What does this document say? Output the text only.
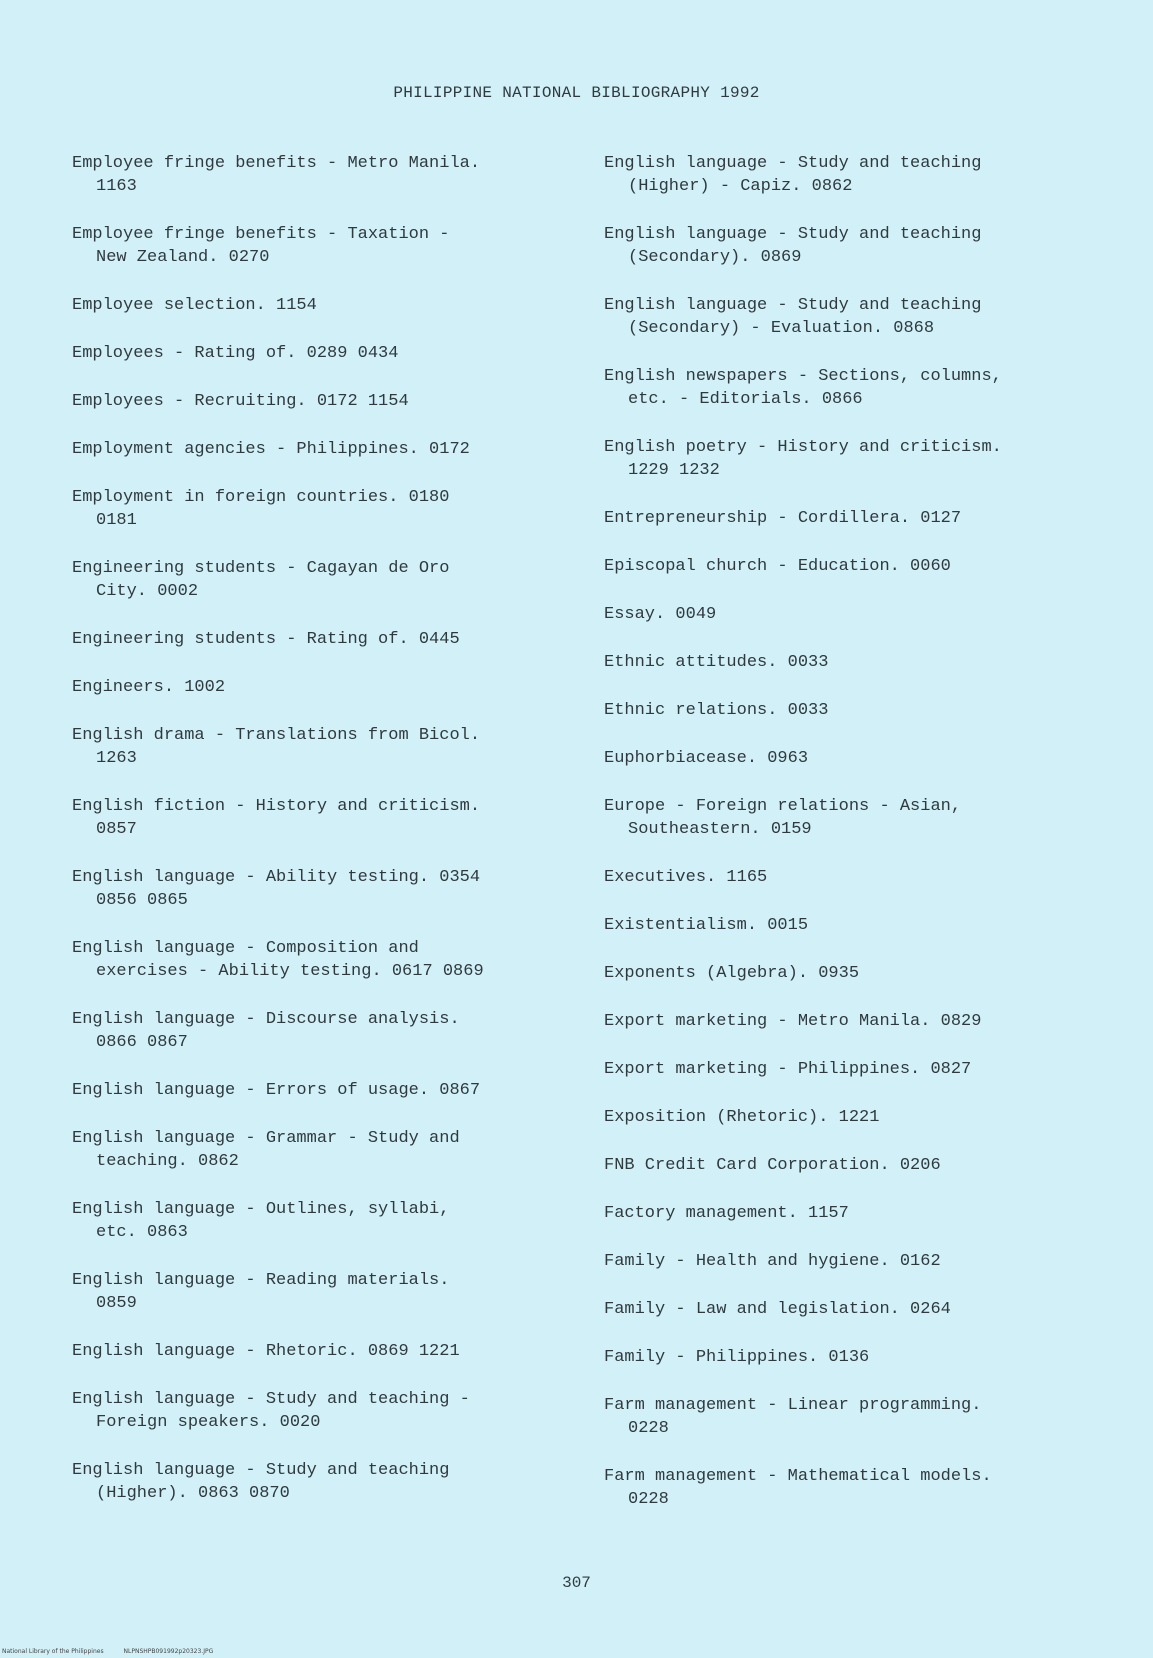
PHILIPPINE NATIONAL BIBLIOGRAPHY 1992
Employee fringe benefits - Metro Manila.
1163
Employee fringe benefits - Taxation -
New Zealand. 0270
Employee selection. 1154
Employees - Rating of. 0289 0434
Employees - Recruiting. 0172 1154
Employment agencies - Philippines. 0172
Employment in foreign countries. 0180
0181
Engineering students - Cagayan de Oro
City. 0002
Engineering students - Rating of. 0445
Engineers. 1002
English drama - Translations from Bicol.
1263
English fiction - History and criticism.
0857
English language - Ability testing. 0354
0856 0865
English language - Composition and
exercises - Ability testing. 0617 0869
English language - Discourse analysis.
0866 0867
English language - Errors of usage. 0867
English language - Grammar - Study and
teaching. 0862
English language - Outlines, syllabi,
etc. 0863
English language - Reading materials.
0859
English language - Rhetoric. 0869 1221
English language - Study and teaching -
Foreign speakers. 0020
English language - Study and teaching
(Higher). 0863 0870
English language - Study and teaching
(Higher) - Capiz. 0862
English language - Study and teaching
(Secondary). 0869
English language - Study and teaching
(Secondary) - Evaluation. 0868
English newspapers - Sections, columns,
etc. - Editorials. 0866
English poetry - History and criticism.
1229 1232
Entrepreneurship - Cordillera. 0127
Episcopal church - Education. 0060
Essay. 0049
Ethnic attitudes. 0033
Ethnic relations. 0033
Euphorbiacease. 0963
Europe - Foreign relations - Asian,
Southeastern. 0159
Executives. 1165
Existentialism. 0015
Exponents (Algebra). 0935
Export marketing - Metro Manila. 0829
Export marketing - Philippines. 0827
Exposition (Rhetoric). 1221
FNB Credit Card Corporation. 0206
Factory management. 1157
Family - Health and hygiene. 0162
Family - Law and legislation. 0264
Family - Philippines. 0136
Farm management - Linear programming.
0228
Farm management - Mathematical models.
0228
307
National Library of the Philippines	NLPNSHPB091992p20323.JPG
